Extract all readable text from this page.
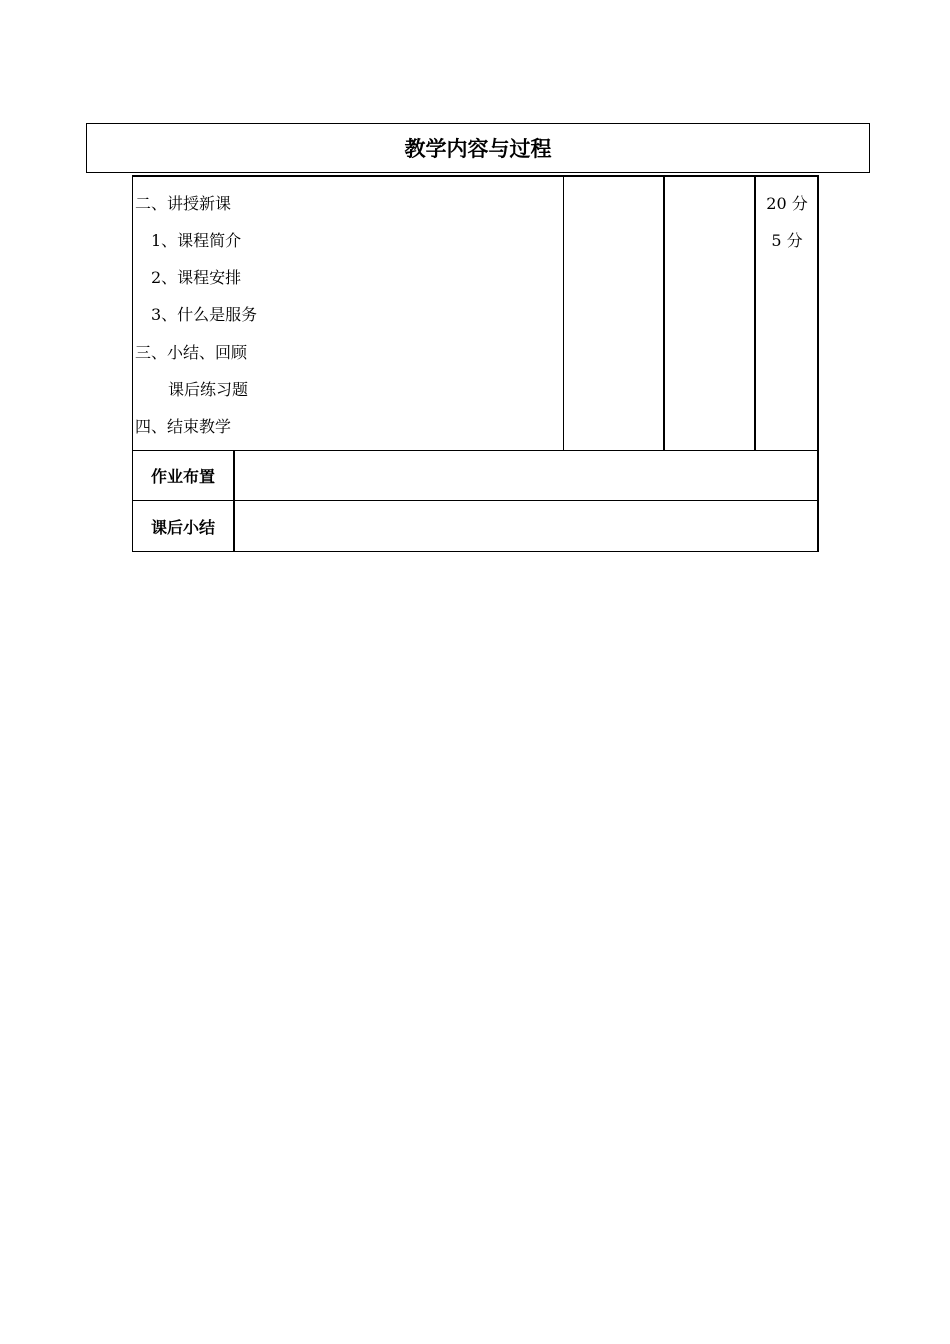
教学内容与过程
二、讲授新课
1、课程简介
2、课程安排
3、什么是服务
三、小结、回顾
课后练习题
四、结束教学
20 分
5 分
作业布置
课后小结
